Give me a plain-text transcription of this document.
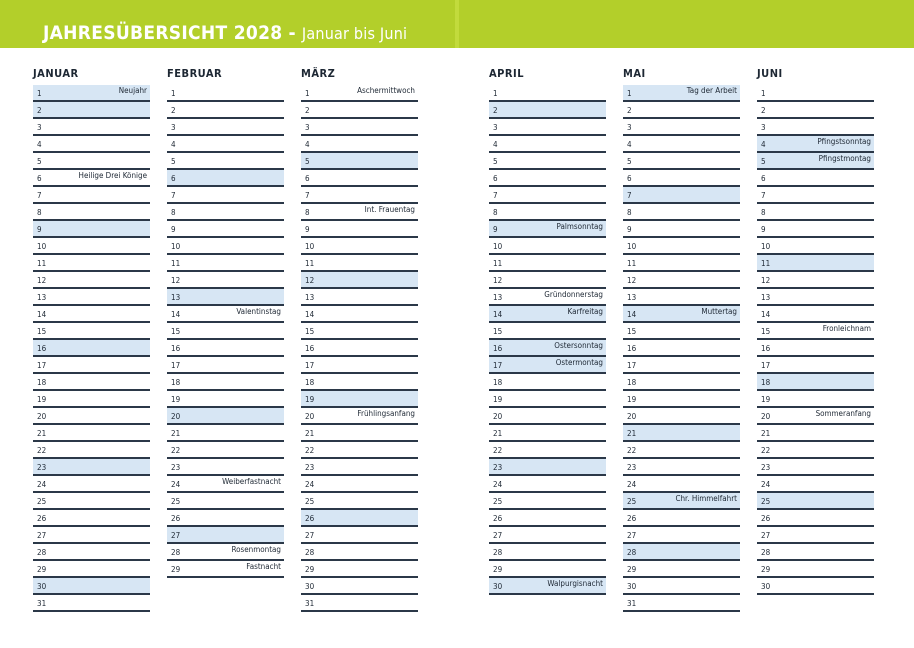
JAHRESÜBERSICHT 2028 - Januar bis Juni
JANUAR
1	Neujahr
2
3
4
5
6	Heilige Drei Könige
7
8
9
10
11
12
13
14
15
16
17
18
19
20
21
22
23
24
25
26
27
28
29
30
31
FEBRUAR
1
2
3
4
5
6
7
8
9
10
11
12
13
14	Valentinstag
15
16
17
18
19
20
21
22
23
24	Weiberfastnacht
25
26
27
28	Rosenmontag
29	Fastnacht
MÄRZ
1	Aschermittwoch
2
3
4
5
6
7
8	Int. Frauentag
9
10
11
12
13
14
15
16
17
18
19
20	Frühlingsanfang
21
22
23
24
25
26
27
28
29
30
31
APRIL
1
2
3
4
5
6
7
8
9	Palmsonntag
10
11
12
13	Gründonnerstag
14	Karfreitag
15
16	Ostersonntag
17	Ostermontag
18
19
20
21
22
23
24
25
26
27
28
29
30	Walpurgisnacht
MAI
1	Tag der Arbeit
2
3
4
5
6
7
8
9
10
11
12
13
14	Muttertag
15
16
17
18
19
20
21
22
23
24
25	Chr. Himmelfahrt
26
27
28
29
30
31
JUNI
1
2
3
4	Pfingstsonntag
5	Pfingstmontag
6
7
8
9
10
11
12
13
14
15	Fronleichnam
16
17
18
19
20	Sommeranfang
21
22
23
24
25
26
27
28
29
30
